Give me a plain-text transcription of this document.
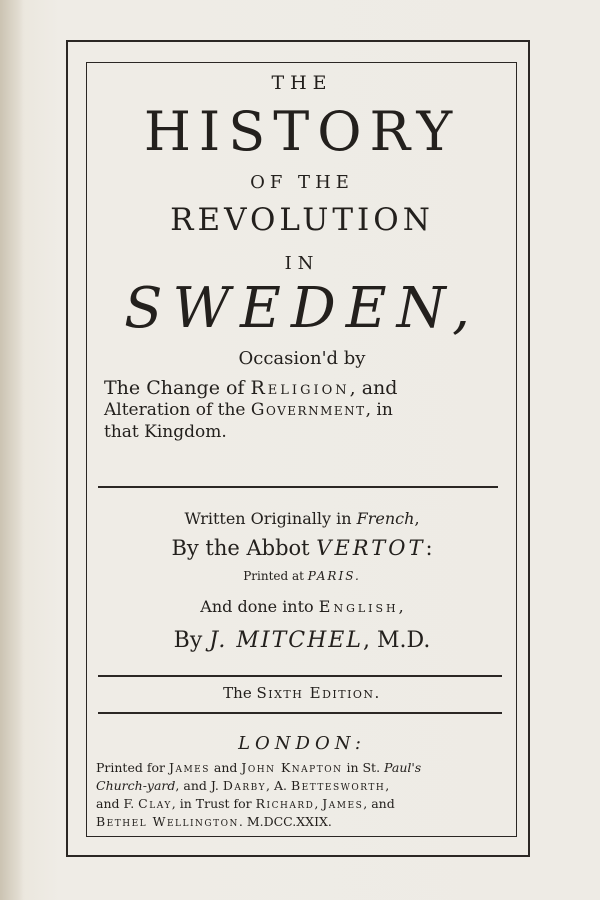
THE
HISTORY
OF THE
REVOLUTION
IN
SWEDEN,
Occasion'd by
The Change of Religion, and
Alteration of the Government, in
that Kingdom.
Written Originally in French,
By the Abbot VERTOT:
Printed at PARIS.
And done into English,
By J. MITCHEL, M.D.
The Sixth Edition.
LONDON:
Printed for James and John Knapton in St. Paul's
Church-yard, and J. Darby, A. Bettesworth,
and F. Clay, in Trust for Richard, James, and
Bethel Wellington. M.DCC.XXIX.
